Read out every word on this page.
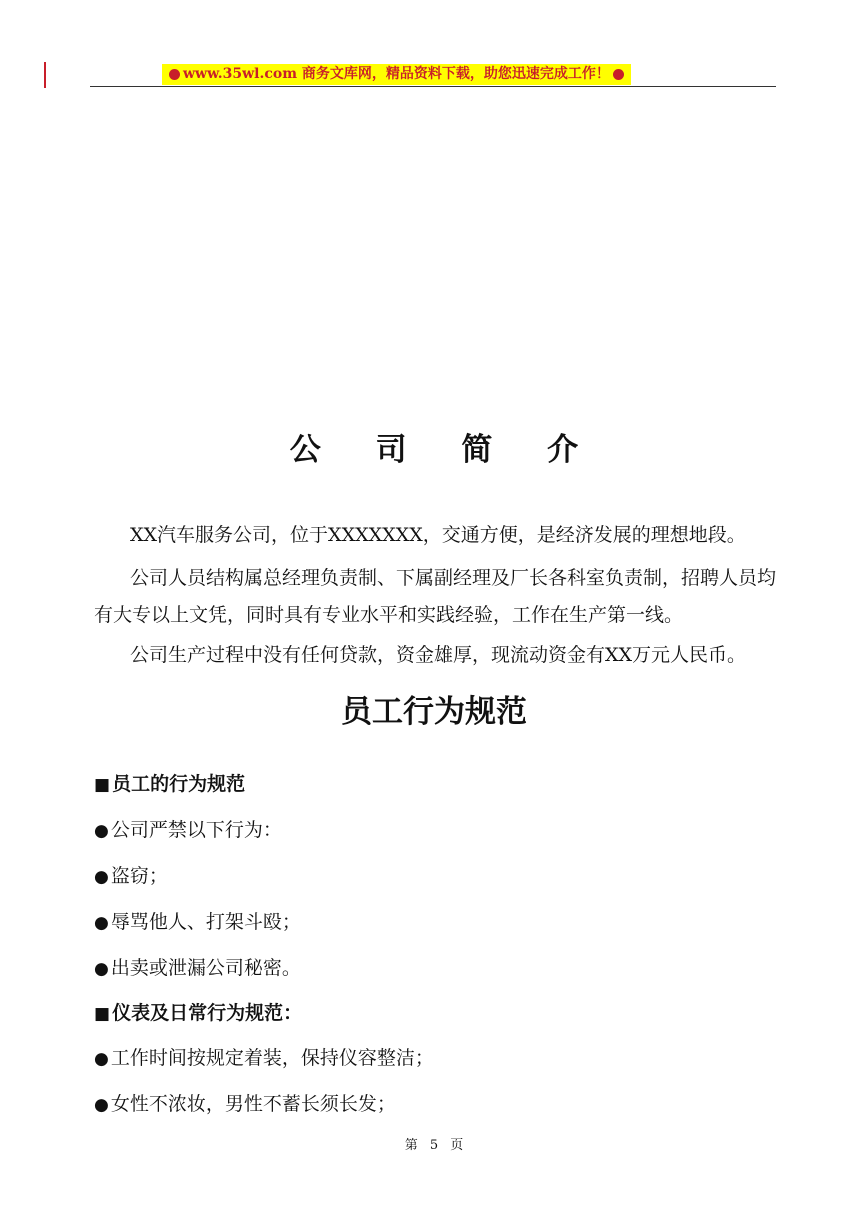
www.35wl.com 商务文库网，精品资料下载，助您迅速完成工作！
公 司 简 介

XX汽车服务公司，位于XXXXXXX，交通方便，是经济发展的理想地段。

公司人员结构属总经理负责制、下属副经理及厂长各科室负责制，招聘人员均有大专以上文凭，同时具有专业水平和实践经验，工作在生产第一线。

公司生产过程中没有任何贷款，资金雄厚，现流动资金有XX万元人民币。

员工行为规范
■ 员工的行为规范
● 公司严禁以下行为：
● 盗窃；
● 辱骂他人、打架斗殴；
● 出卖或泄漏公司秘密。
■ 仪表及日常行为规范：
● 工作时间按规定着装，保持仪容整洁；
● 女性不浓妆，男性不蓄长须长发；
第 5 页
